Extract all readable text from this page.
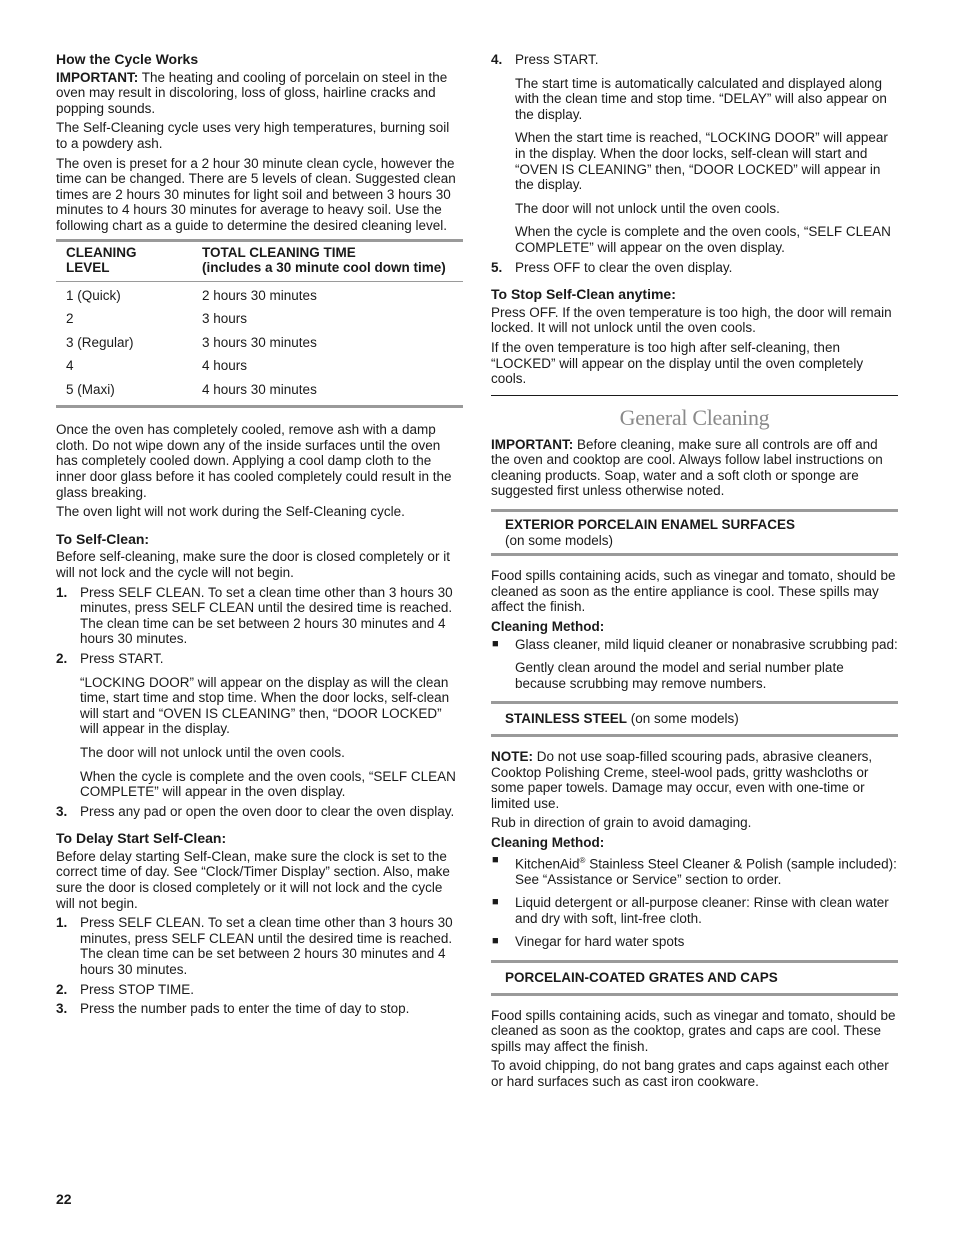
How the Cycle Works

IMPORTANT: The heating and cooling of porcelain on steel in the oven may result in discoloring, loss of gloss, hairline cracks and popping sounds.

The Self-Cleaning cycle uses very high temperatures, burning soil to a powdery ash.

The oven is preset for a 2 hour 30 minute clean cycle, however the time can be changed. There are 5 levels of clean. Suggested clean times are 2 hours 30 minutes for light soil and between 3 hours 30 minutes to 4 hours 30 minutes for average to heavy soil. Use the following chart as a guide to determine the desired cleaning level.

CLEANING
LEVEL	TOTAL CLEANING TIME
(includes a 30 minute cool down time)
1 (Quick)	2 hours 30 minutes
2	3 hours
3 (Regular)	3 hours 30 minutes
4	4 hours
5 (Maxi)	4 hours 30 minutes

Once the oven has completely cooled, remove ash with a damp cloth. Do not wipe down any of the inside surfaces until the oven has completely cooled down. Applying a cool damp cloth to the inner door glass before it has cooled completely could result in the glass breaking.

The oven light will not work during the Self-Cleaning cycle.

To Self-Clean:

Before self-cleaning, make sure the door is closed completely or it will not lock and the cycle will not begin.

1. Press SELF CLEAN. To set a clean time other than 3 hours 30 minutes, press SELF CLEAN until the desired time is reached. The clean time can be set between 2 hours 30 minutes and 4 hours 30 minutes.

2. Press START.

“LOCKING DOOR” will appear on the display as will the clean time, start time and stop time. When the door locks, self-clean will start and “OVEN IS CLEANING” then, “DOOR LOCKED” will appear in the display.

The door will not unlock until the oven cools.

When the cycle is complete and the oven cools, “SELF CLEAN COMPLETE” will appear in the oven display.

3. Press any pad or open the oven door to clear the oven display.

To Delay Start Self-Clean:

Before delay starting Self-Clean, make sure the clock is set to the correct time of day. See “Clock/Timer Display” section. Also, make sure the door is closed completely or it will not lock and the cycle will not begin.

1. Press SELF CLEAN. To set a clean time other than 3 hours 30 minutes, press SELF CLEAN until the desired time is reached. The clean time can be set between 2 hours 30 minutes and 4 hours 30 minutes.

2. Press STOP TIME.

3. Press the number pads to enter the time of day to stop.

4. Press START.

The start time is automatically calculated and displayed along with the clean time and stop time. “DELAY” will also appear on the display.

When the start time is reached, “LOCKING DOOR” will appear in the display. When the door locks, self-clean will start and “OVEN IS CLEANING” then, “DOOR LOCKED” will appear in the display.

The door will not unlock until the oven cools.

When the cycle is complete and the oven cools, “SELF CLEAN COMPLETE” will appear on the oven display.

5. Press OFF to clear the oven display.

To Stop Self-Clean anytime:

Press OFF. If the oven temperature is too high, the door will remain locked. It will not unlock until the oven cools.

If the oven temperature is too high after self-cleaning, then “LOCKED” will appear on the display until the oven completely cools.

General Cleaning

IMPORTANT: Before cleaning, make sure all controls are off and the oven and cooktop are cool. Always follow label instructions on cleaning products. Soap, water and a soft cloth or sponge are suggested first unless otherwise noted.

EXTERIOR PORCELAIN ENAMEL SURFACES
(on some models)

Food spills containing acids, such as vinegar and tomato, should be cleaned as soon as the entire appliance is cool. These spills may affect the finish.

Cleaning Method:

■ Glass cleaner, mild liquid cleaner or nonabrasive scrubbing pad:

Gently clean around the model and serial number plate because scrubbing may remove numbers.

STAINLESS STEEL (on some models)

NOTE: Do not use soap-filled scouring pads, abrasive cleaners, Cooktop Polishing Creme, steel-wool pads, gritty washcloths or some paper towels. Damage may occur, even with one-time or limited use.

Rub in direction of grain to avoid damaging.

Cleaning Method:

■ KitchenAid® Stainless Steel Cleaner & Polish (sample included):
See “Assistance or Service” section to order.
■ Liquid detergent or all-purpose cleaner: Rinse with clean water and dry with soft, lint-free cloth.
■ Vinegar for hard water spots
PORCELAIN-COATED GRATES AND CAPS

Food spills containing acids, such as vinegar and tomato, should be cleaned as soon as the cooktop, grates and caps are cool. These spills may affect the finish.

To avoid chipping, do not bang grates and caps against each other or hard surfaces such as cast iron cookware.

22
